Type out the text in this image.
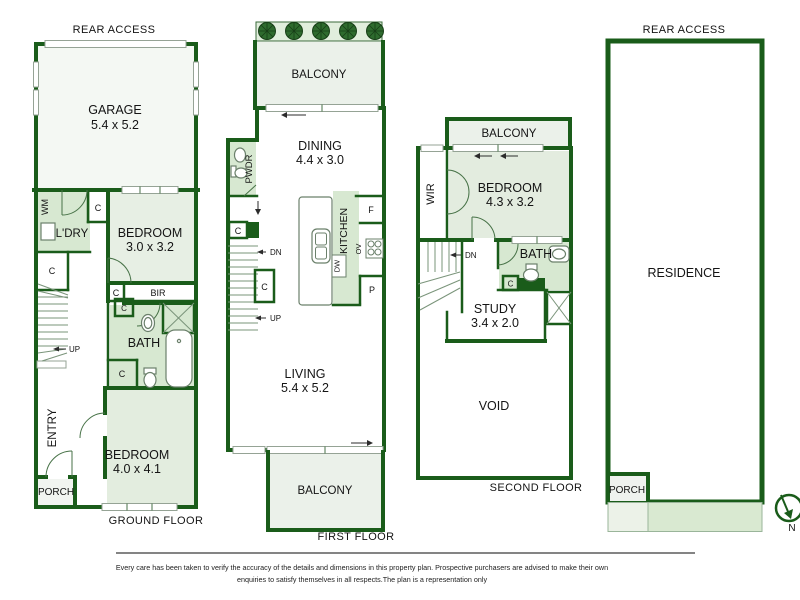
REAR ACCESS
GARAGE
5.4 x 5.2
WM	C
L'DRY BEDROOM
3.0 x 3.2
C
C	BIR
C
BATH
C
UP
ENTRY
BEDROOM
4.0 x 4.1
PORCH
GROUND FLOOR
BALCONY
DINING
4.4 x 3.0
PWDR
C
DN
C
UP
KITCHEN
DW
OV
F
P
LIVING
5.4 x 5.2
BALCONY
FIRST FLOOR
BALCONY
WIR	BEDROOM
4.3 x 3.2
DN	BATH
C
STUDY
3.4 x 2.0
VOID
SECOND FLOOR
REAR ACCESS
RESIDENCE
PORCH
N
Every care has been taken to verify the accuracy of the details and dimensions in this property plan. Prospective purchasers are advised to make their own
enquiries to satisfy themselves in all respects.The plan is a representation only
